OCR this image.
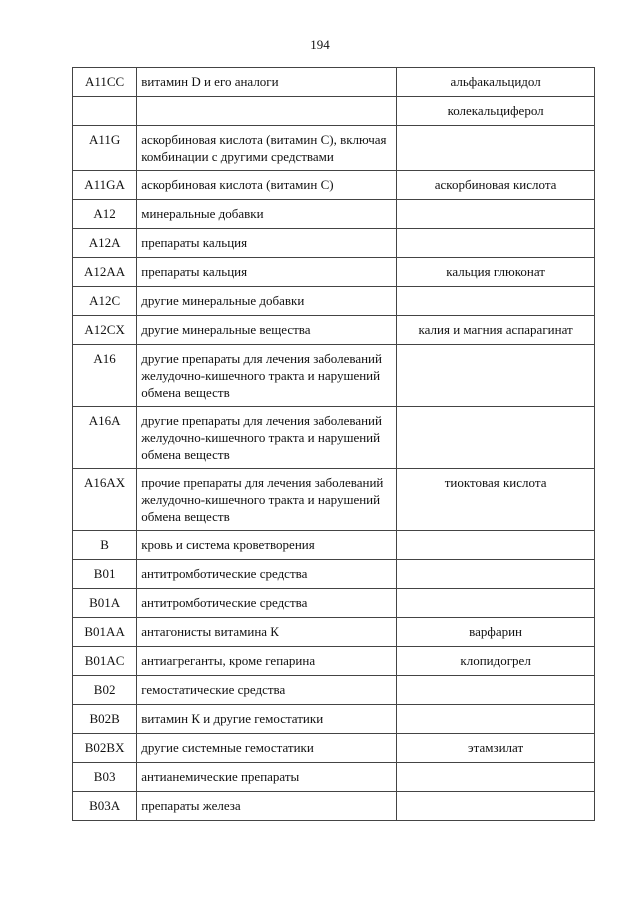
194
A11CC	витамин D и его аналоги	альфакальцидол
		колекальциферол
A11G	аскорбиновая кислота (витамин С), включая комбинации с другими средствами	
A11GA	аскорбиновая кислота (витамин С)	аскорбиновая кислота
A12	минеральные добавки	
A12A	препараты кальция	
A12AA	препараты кальция	кальция глюконат
A12C	другие минеральные добавки	
A12CX	другие минеральные вещества	калия и магния аспарагинат
A16	другие препараты для лечения заболеваний желудочно-кишечного тракта и нарушений обмена веществ	
A16A	другие препараты для лечения заболеваний желудочно-кишечного тракта и нарушений обмена веществ	
A16AX	прочие препараты для лечения заболеваний желудочно-кишечного тракта и нарушений обмена веществ	тиоктовая кислота
B	кровь и система кроветворения	
B01	антитромботические средства	
B01A	антитромботические средства	
B01AA	антагонисты витамина К	варфарин
B01AC	антиагреганты, кроме гепарина	клопидогрел
B02	гемостатические средства	
B02B	витамин К и другие гемостатики	
B02BX	другие системные гемостатики	этамзилат
B03	антианемические препараты	
B03A	препараты железа	
